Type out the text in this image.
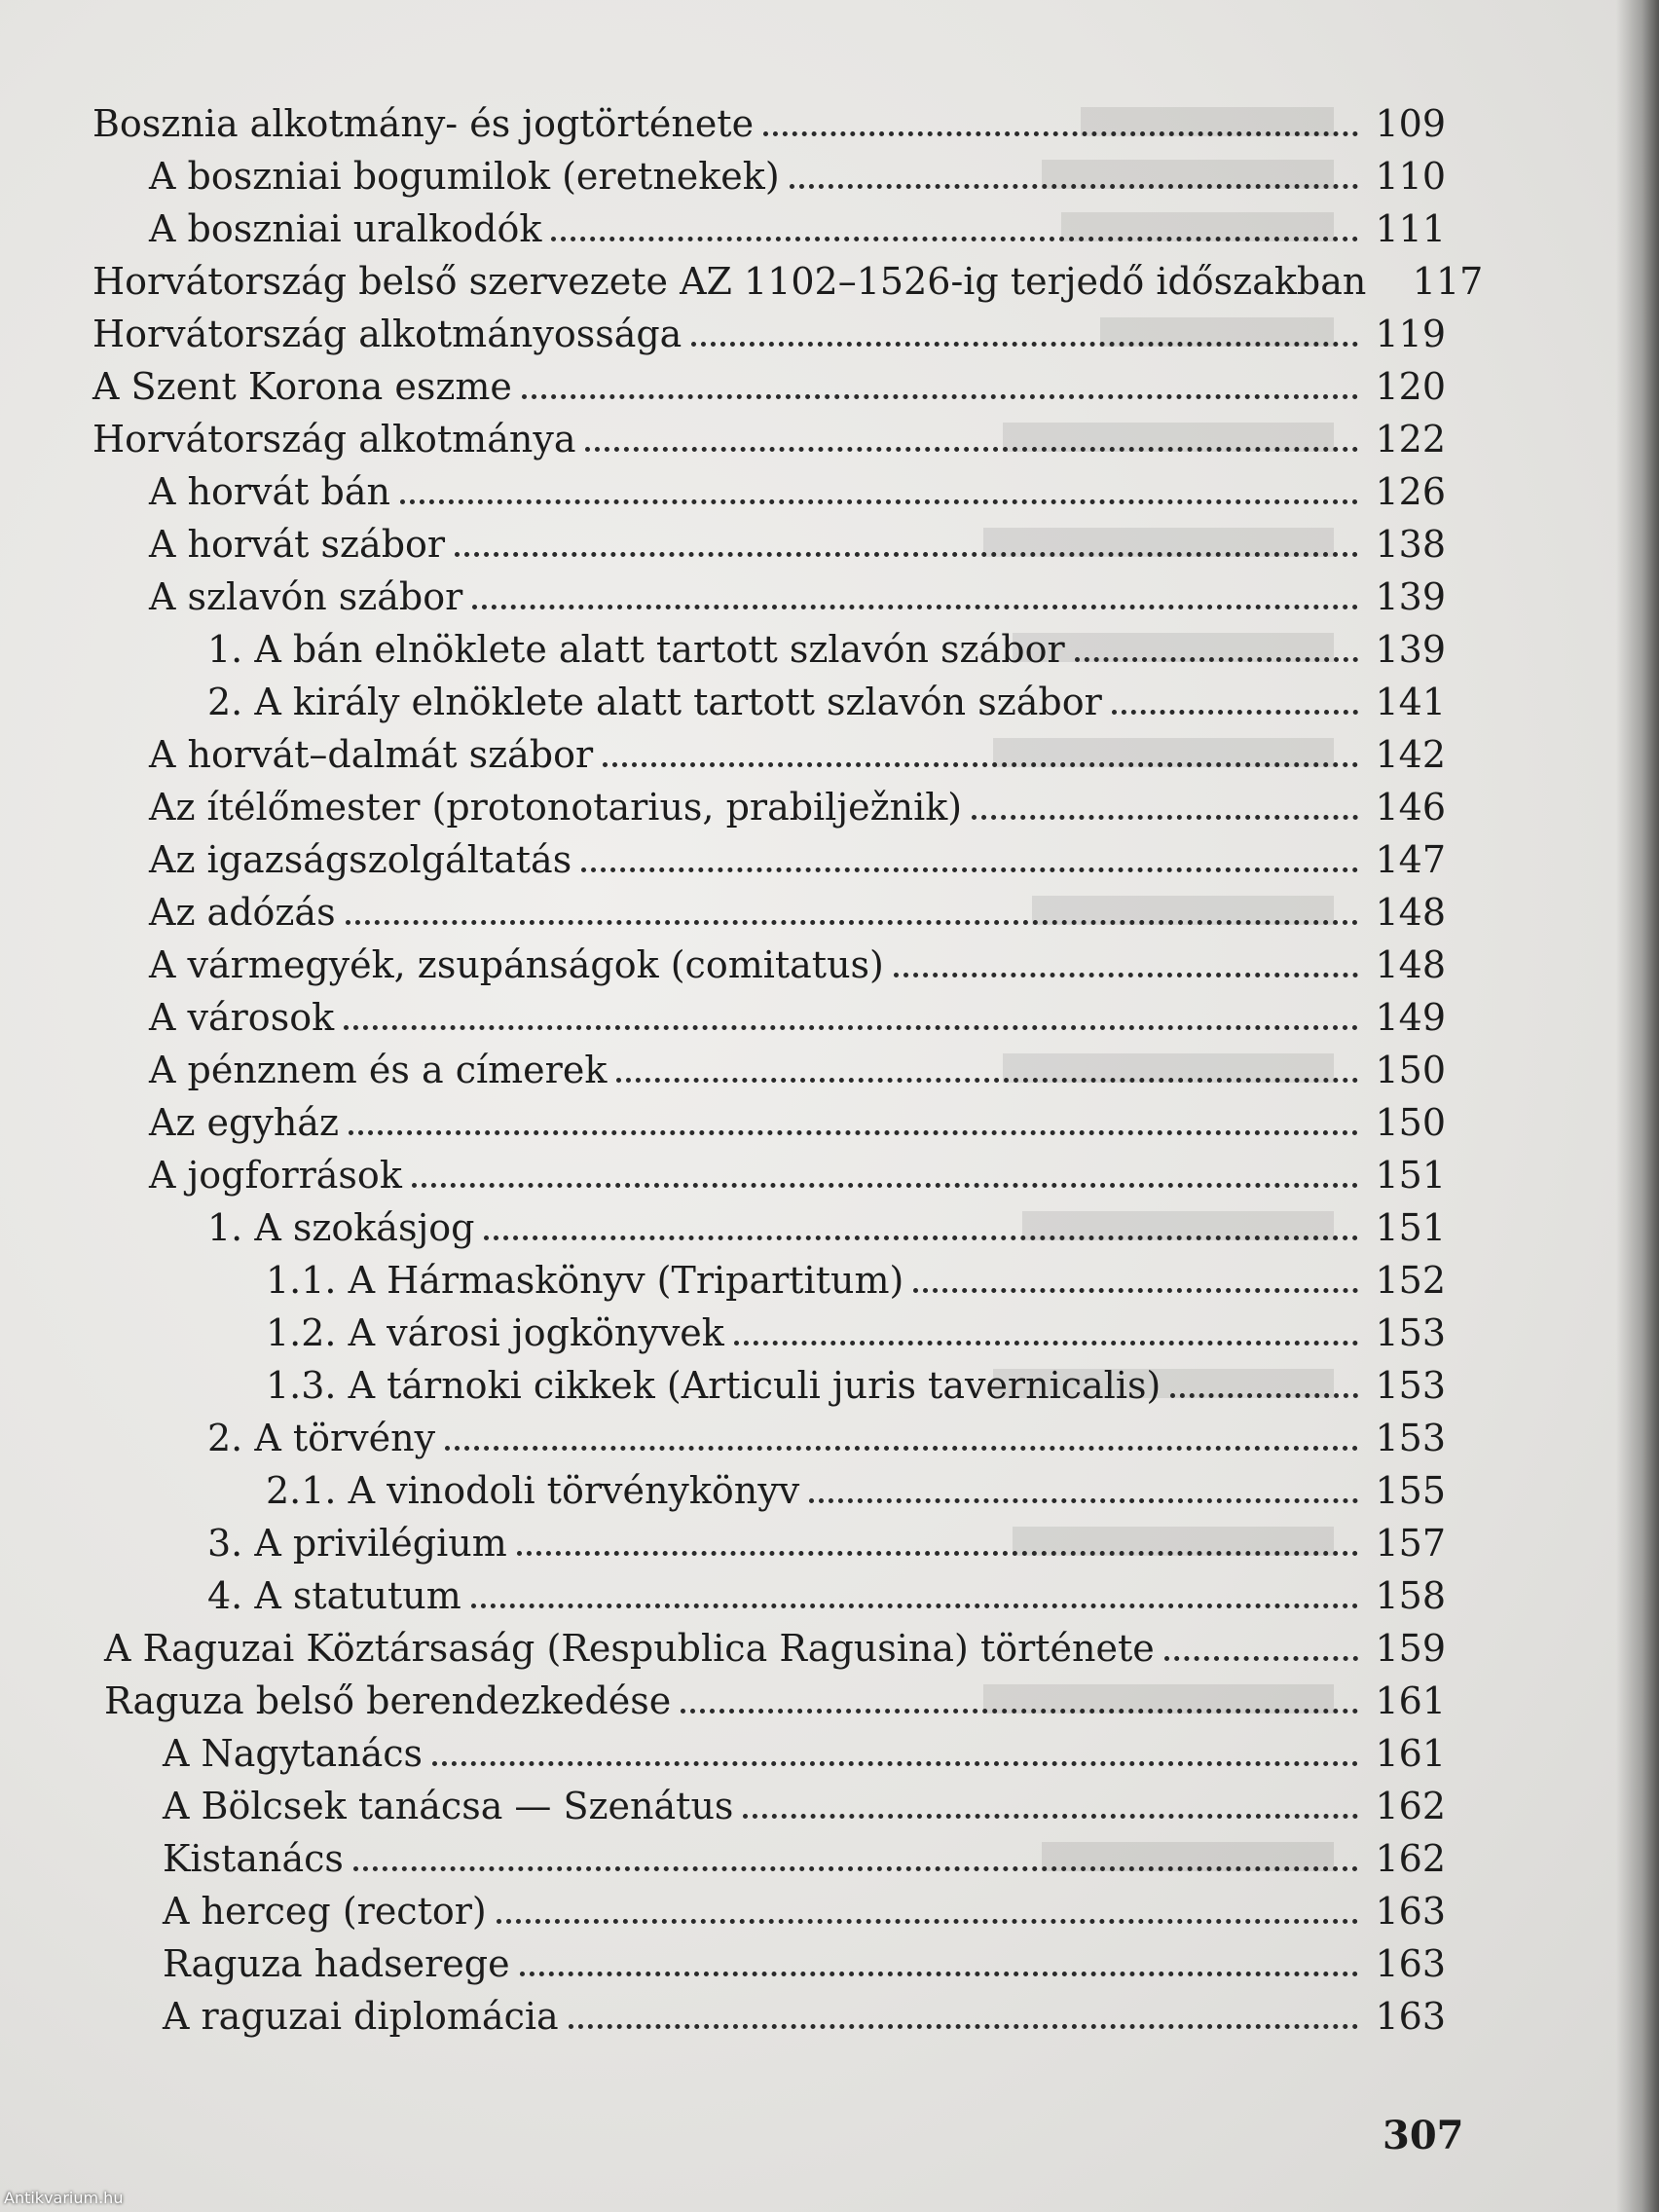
Bosznia alkotmány- és jogtörténete	109
A boszniai bogumilok (eretnekek)	110
A boszniai uralkodók	111
Horvátország belső szervezete AZ 1102–1526-ig terjedő időszakban	117
Horvátország alkotmányossága	119
A Szent Korona eszme	120
Horvátország alkotmánya	122
A horvát bán	126
A horvát szábor	138
A szlavón szábor	139
1. A bán elnöklete alatt tartott szlavón szábor	139
2. A király elnöklete alatt tartott szlavón szábor	141
A horvát–dalmát szábor	142
Az ítélőmester (protonotarius, prabilježnik)	146
Az igazságszolgáltatás	147
Az adózás	148
A vármegyék, zsupánságok (comitatus)	148
A városok	149
A pénznem és a címerek	150
Az egyház	150
A jogforrások	151
1. A szokásjog	151
1.1. A Hármaskönyv (Tripartitum)	152
1.2. A városi jogkönyvek	153
1.3. A tárnoki cikkek (Articuli juris tavernicalis)	153
2. A törvény	153
2.1. A vinodoli törvénykönyv	155
3. A privilégium	157
4. A statutum	158
A Raguzai Köztársaság (Respublica Ragusina) története	159
Raguza belső berendezkedése	161
A Nagytanács	161
A Bölcsek tanácsa — Szenátus	162
Kistanács	162
A herceg (rector)	163
Raguza hadserege	163
A raguzai diplomácia	163
307
Antikvarium.hu
